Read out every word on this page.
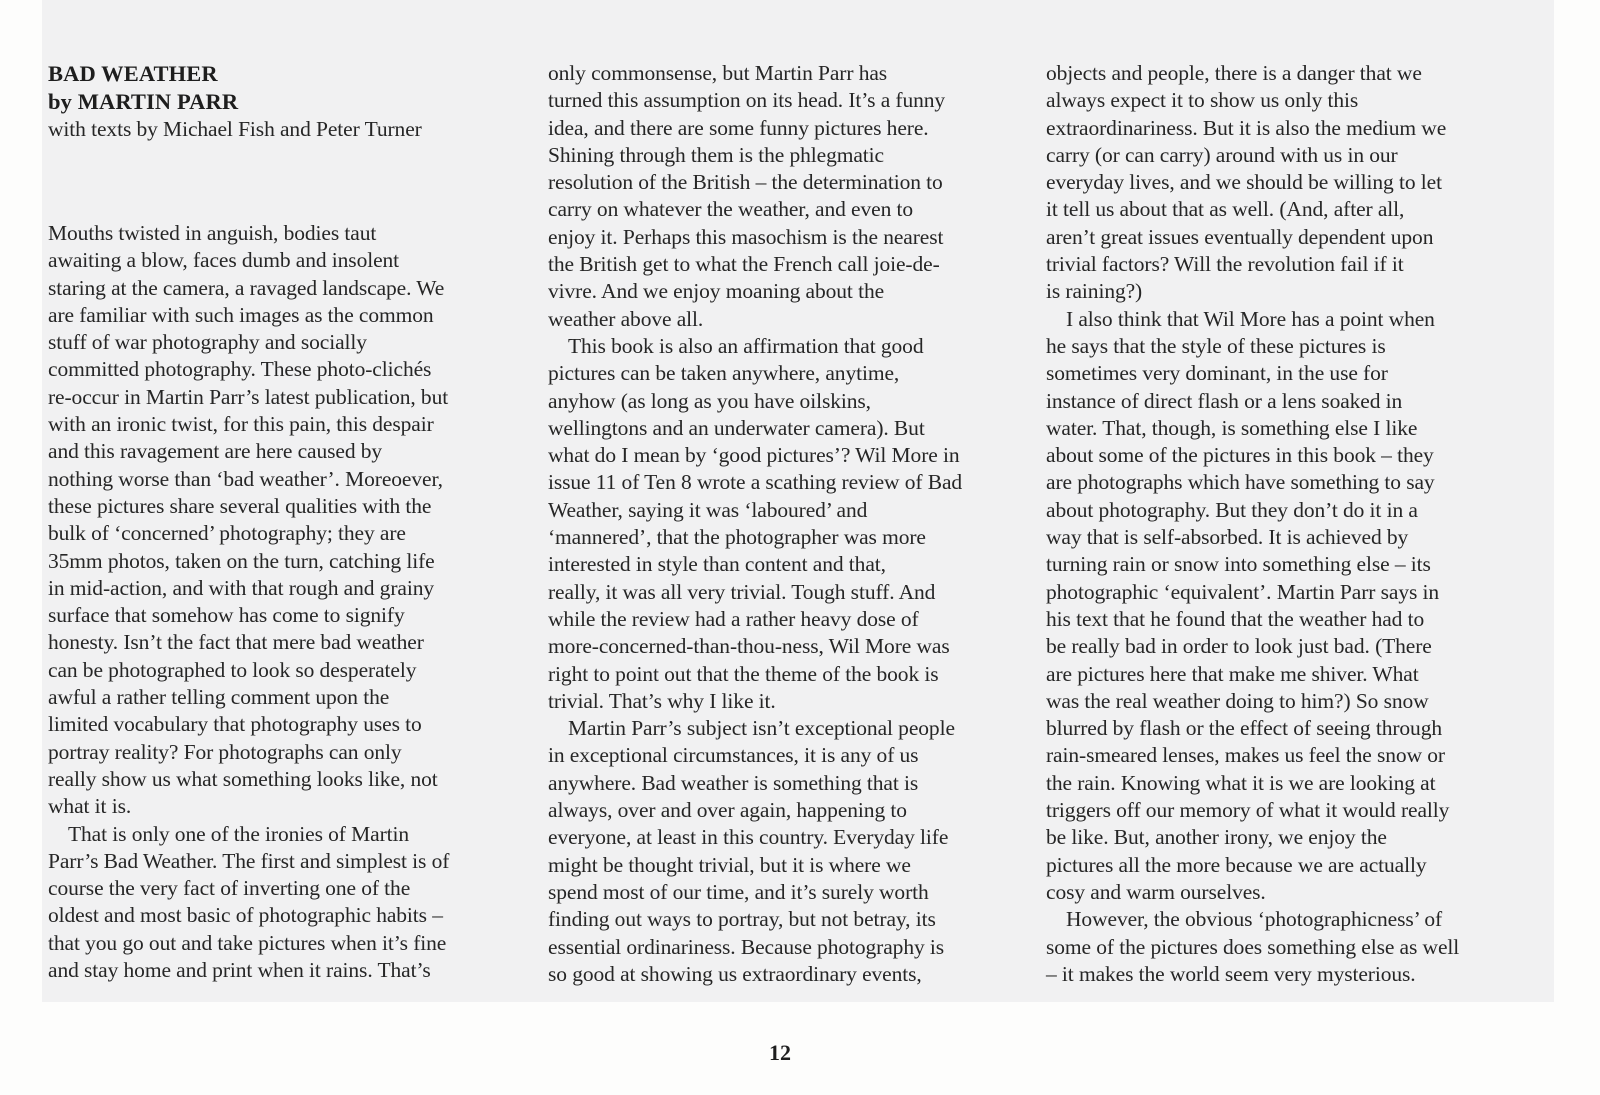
BAD WEATHER
by MARTIN PARR

with texts by Michael Fish and Peter Turner

Mouths twisted in anguish, bodies taut
awaiting a blow, faces dumb and insolent
staring at the camera, a ravaged landscape. We
are familiar with such images as the common
stuff of war photography and socially
committed photography. These photo-clichés
re-occur in Martin Parr’s latest publication, but
with an ironic twist, for this pain, this despair
and this ravagement are here caused by
nothing worse than ‘bad weather’. Moreoever,
these pictures share several qualities with the
bulk of ‘concerned’ photography; they are
35mm photos, taken on the turn, catching life
in mid-action, and with that rough and grainy
surface that somehow has come to signify
honesty. Isn’t the fact that mere bad weather
can be photographed to look so desperately
awful a rather telling comment upon the
limited vocabulary that photography uses to
portray reality? For photographs can only
really show us what something looks like, not
what it is.

That is only one of the ironies of Martin
Parr’s Bad Weather. The first and simplest is of
course the very fact of inverting one of the
oldest and most basic of photographic habits –
that you go out and take pictures when it’s fine
and stay home and print when it rains. That’s

only commonsense, but Martin Parr has
turned this assumption on its head. It’s a funny
idea, and there are some funny pictures here.
Shining through them is the phlegmatic
resolution of the British – the determination to
carry on whatever the weather, and even to
enjoy it. Perhaps this masochism is the nearest
the British get to what the French call joie-de-
vivre. And we enjoy moaning about the
weather above all.

This book is also an affirmation that good
pictures can be taken anywhere, anytime,
anyhow (as long as you have oilskins,
wellingtons and an underwater camera). But
what do I mean by ‘good pictures’? Wil More in
issue 11 of Ten 8 wrote a scathing review of Bad
Weather, saying it was ‘laboured’ and
‘mannered’, that the photographer was more
interested in style than content and that,
really, it was all very trivial. Tough stuff. And
while the review had a rather heavy dose of
more-concerned-than-thou-ness, Wil More was
right to point out that the theme of the book is
trivial. That’s why I like it.

Martin Parr’s subject isn’t exceptional people
in exceptional circumstances, it is any of us
anywhere. Bad weather is something that is
always, over and over again, happening to
everyone, at least in this country. Everyday life
might be thought trivial, but it is where we
spend most of our time, and it’s surely worth
finding out ways to portray, but not betray, its
essential ordinariness. Because photography is
so good at showing us extraordinary events,

objects and people, there is a danger that we
always expect it to show us only this
extraordinariness. But it is also the medium we
carry (or can carry) around with us in our
everyday lives, and we should be willing to let
it tell us about that as well. (And, after all,
aren’t great issues eventually dependent upon
trivial factors? Will the revolution fail if it
is raining?)

I also think that Wil More has a point when
he says that the style of these pictures is
sometimes very dominant, in the use for
instance of direct flash or a lens soaked in
water. That, though, is something else I like
about some of the pictures in this book – they
are photographs which have something to say
about photography. But they don’t do it in a
way that is self-absorbed. It is achieved by
turning rain or snow into something else – its
photographic ‘equivalent’. Martin Parr says in
his text that he found that the weather had to
be really bad in order to look just bad. (There
are pictures here that make me shiver. What
was the real weather doing to him?) So snow
blurred by flash or the effect of seeing through
rain-smeared lenses, makes us feel the snow or
the rain. Knowing what it is we are looking at
triggers off our memory of what it would really
be like. But, another irony, we enjoy the
pictures all the more because we are actually
cosy and warm ourselves.

However, the obvious ‘photographicness’ of
some of the pictures does something else as well
– it makes the world seem very mysterious.

12
